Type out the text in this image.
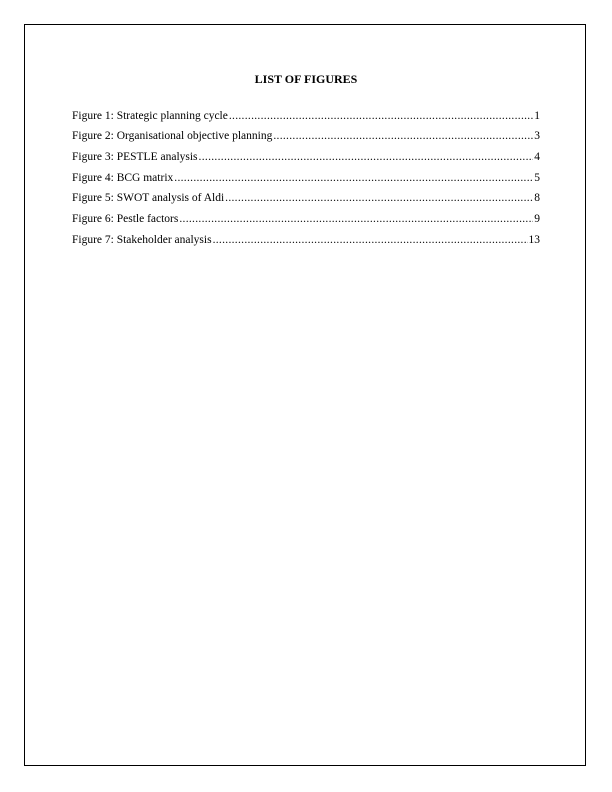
LIST OF FIGURES
Figure 1: Strategic planning cycle .....	1
Figure 2: Organisational objective planning .....	3
Figure 3: PESTLE analysis .....	4
Figure 4: BCG matrix .....	5
Figure 5: SWOT analysis of Aldi .....	8
Figure 6: Pestle factors .....	9
Figure 7: Stakeholder analysis .....	13
